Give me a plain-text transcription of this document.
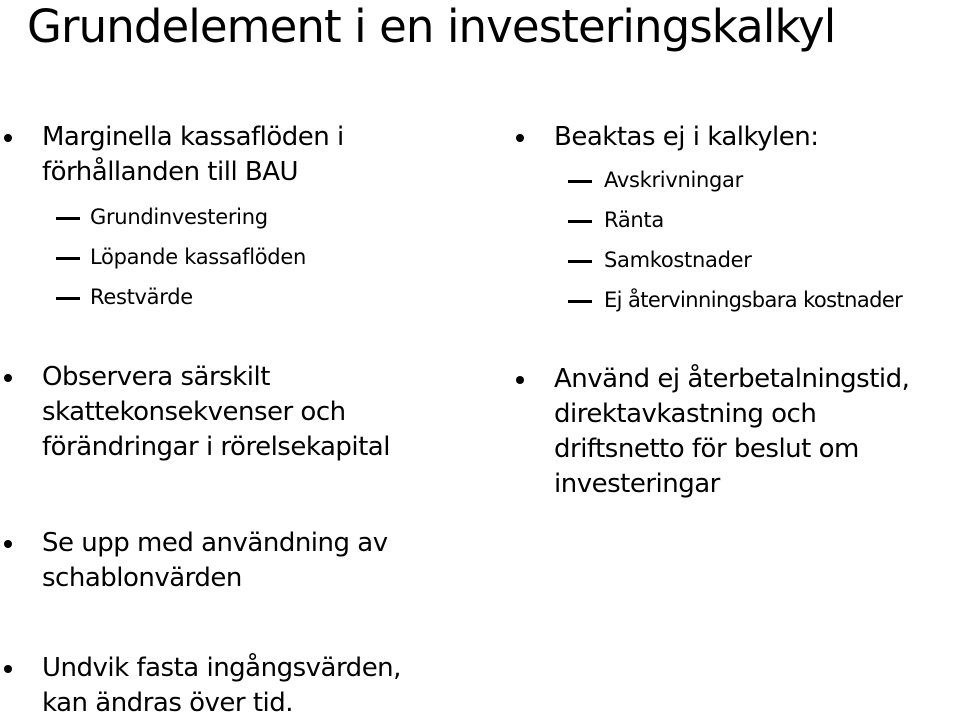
Grundelement i en investeringskalkyl
Marginella kassaflöden i
förhållanden till BAU
Grundinvestering
Löpande kassaflöden
Restvärde
Observera särskilt
skattekonsekvenser och
förändringar i rörelsekapital
Se upp med användning av
schablonvärden
Undvik fasta ingångsvärden,
kan ändras över tid.
Beaktas ej i kalkylen:
Avskrivningar
Ränta
Samkostnader
Ej återvinningsbara kostnader
Använd ej återbetalningstid,
direktavkastning och
driftsnetto för beslut om
investeringar
